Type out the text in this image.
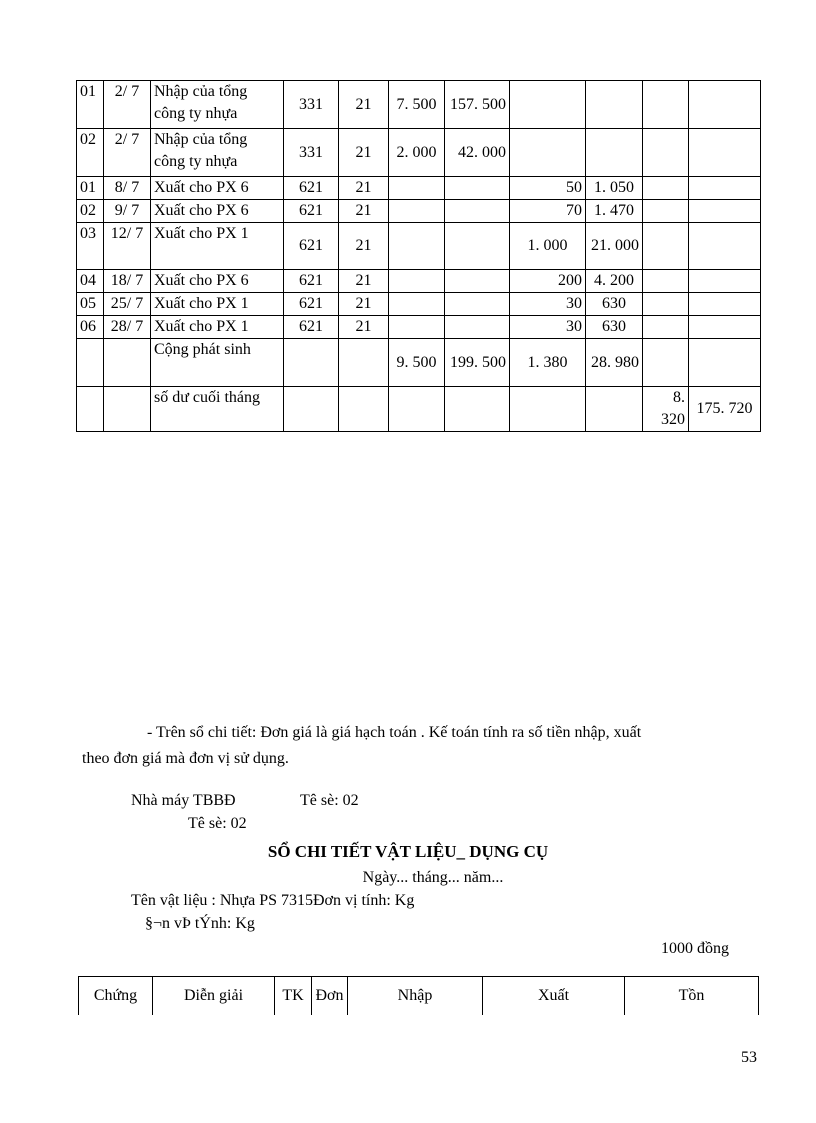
01	2/ 7	Nhập của tổng công ty nhựa	331	21	7. 500	157. 500				
02	2/ 7	Nhập của tổng công ty nhựa	331	21	2. 000	42. 000				
01	8/ 7	Xuất cho PX 6	621	21			50	1. 050		
02	9/ 7	Xuất cho PX 6	621	21			70	1. 470		
03	12/ 7	Xuất cho PX 1	621	21			1. 000	21. 000		
04	18/ 7	Xuất cho PX 6	621	21			200	4. 200		
05	25/ 7	Xuất cho PX 1	621	21			30	630		
06	28/ 7	Xuất cho PX 1	621	21			30	630		
		Cộng phát sinh			9. 500	199. 500	1. 380	28. 980		
		số dư cuối tháng							8. 320	175. 720
- Trên sổ chi tiết: Đơn giá là giá hạch toán . Kế toán tính ra số tiền nhập, xuất
theo đơn giá mà đơn vị sử dụng.
Nhà máy TBBĐ	Tê sè: 02
Tê sè: 02
SỔ CHI TIẾT VẬT LIỆU_ DỤNG CỤ
Ngày... tháng... năm...
Tên vật liệu : Nhựa PS 7315Đơn vị tính: Kg
§¬n vÞ tÝnh: Kg
1000 đồng
Chứng	Diễn giải	TK	Đơn	Nhập	Xuất	Tồn
53
